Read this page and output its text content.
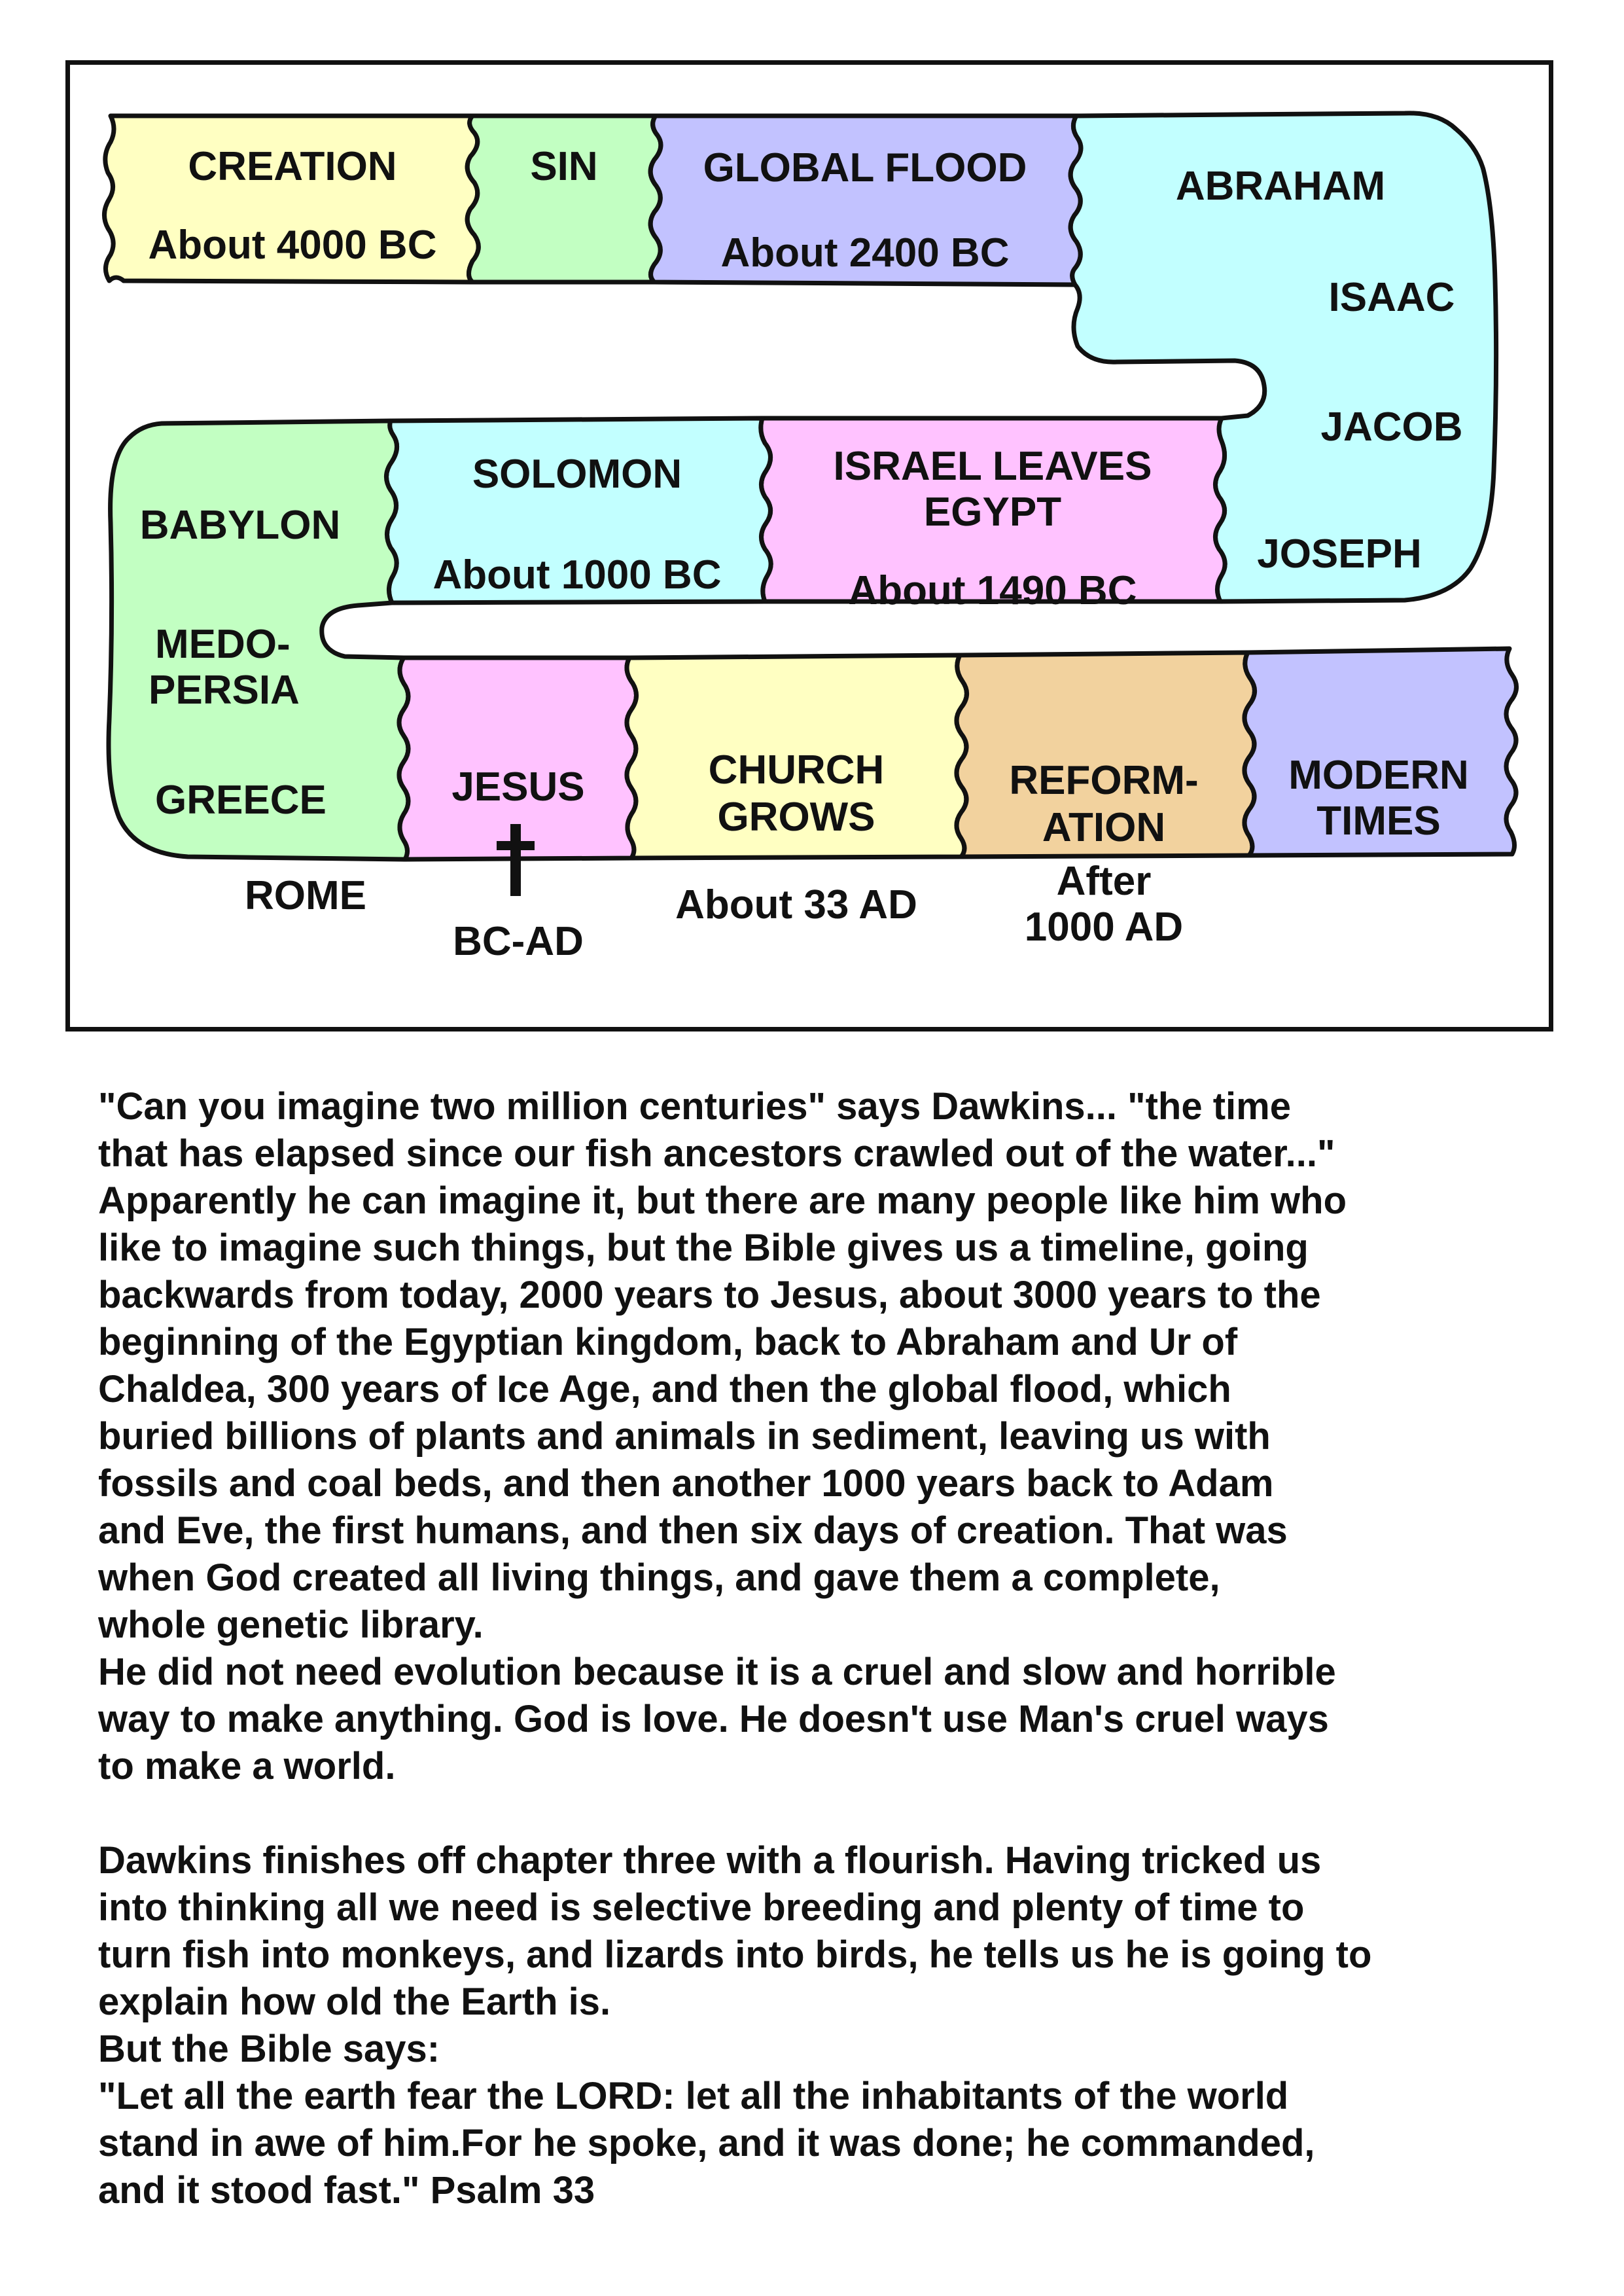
CREATION
About 4000 BC
SIN	GLOBAL FLOOD
About 2400 BC
ABRAHAM
ISAAC
JACOB
JOSEPH
ISRAEL LEAVES
EGYPT
About 1490 BC
SOLOMON
About 1000 BC
BABYLON
MEDO-
PERSIA
GREECE
ROME
JESUS
BC-AD
CHURCH
GROWS
About 33 AD
REFORM-
ATION
After
1000 AD
MODERN
TIMES

"Can you imagine two million centuries" says Dawkins... "the time
that has elapsed since our fish ancestors crawled out of the water..."
Apparently he can imagine it, but there are many people like him who
like to imagine such things, but the Bible gives us a timeline, going
backwards from today, 2000 years to Jesus, about 3000 years to the
beginning of the Egyptian kingdom, back to Abraham and Ur of
Chaldea, 300 years of Ice Age, and then the global flood, which
buried billions of plants and animals in sediment, leaving us with
fossils and coal beds, and then another 1000 years back to Adam
and Eve, the first humans, and then six days of creation. That was
when God created all living things, and gave them a complete,
whole genetic library.

He did not need evolution because it is a cruel and slow and horrible
way to make anything. God is love. He doesn't use Man's cruel ways
to make a world.

Dawkins finishes off chapter three with a flourish. Having tricked us
into thinking all we need is selective breeding and plenty of time to
turn fish into monkeys, and lizards into birds, he tells us he is going to
explain how old the Earth is.

But the Bible says:

"Let all the earth fear the LORD: let all the inhabitants of the world
stand in awe of him.For he spoke, and it was done; he commanded,
and it stood fast." Psalm 33
